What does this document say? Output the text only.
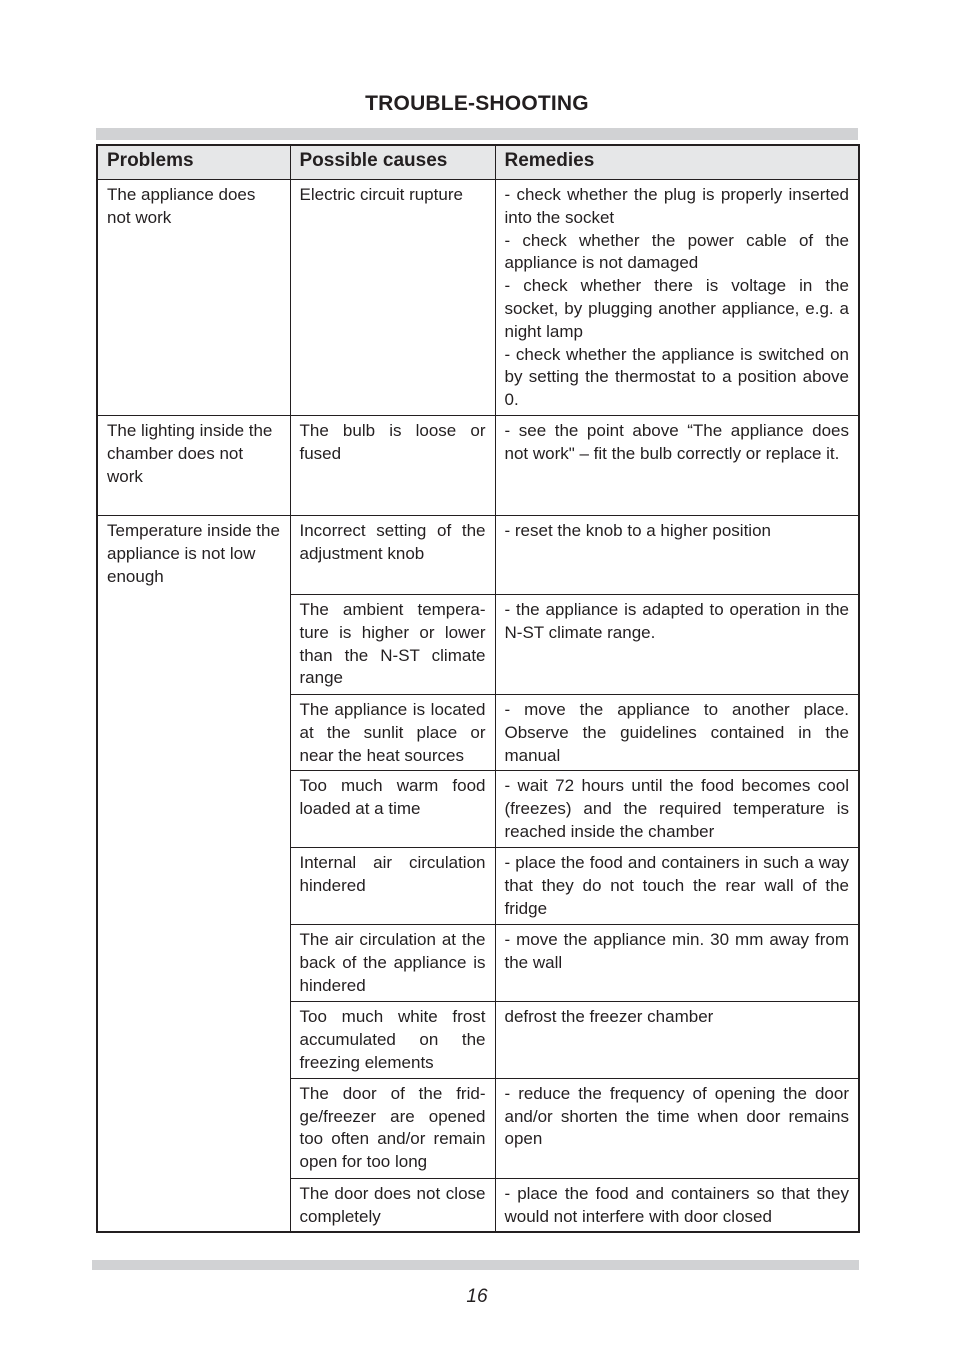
TROUBLE-SHOOTING
Problems	Possible causes	Remedies
The appliance does not work	Electric circuit rupture	- check whether the plug is properly inserted into the socket
- check whether the power cable of the appliance is not damaged
- check whether there is voltage in the socket, by plugging another appliance, e.g. a night lamp
- check whether the appliance is switched on by setting the thermostat to a position above 0.

The lighting inside the chamber does not work	The bulb is loose or fused	- see the point above “The appliance does not work" – fit the bulb correctly or replace it.
Temperature inside the appliance is not low enough	Incorrect setting of the adjustment knob	- reset the knob to a higher position
	The ambient tempera-ture is higher or lower than the N-ST climate range	- the appliance is adapted to operation in the N-ST climate range.
	The appliance is located at the sunlit place or near the heat sources	- move the appliance to another place. Observe the guidelines contained in the manual
	Too much warm food loaded at a time	- wait 72 hours until the food becomes cool (freezes) and the required temperature is reached inside the chamber
	Internal air circulation hindered	- place the food and containers in such a way that they do not touch the rear wall of the fridge
	The air circulation at the back of the appliance is hindered	- move the appliance min. 30 mm away from the wall
	Too much white frost accumulated on the freezing elements	defrost the freezer chamber
	The door of the frid-ge/freezer are opened too often and/or remain open for too long	- reduce the frequency of opening the door and/or shorten the time when door remains open
	The door does not close completely	- place the food and containers so that they would not interfere with door closed
16
